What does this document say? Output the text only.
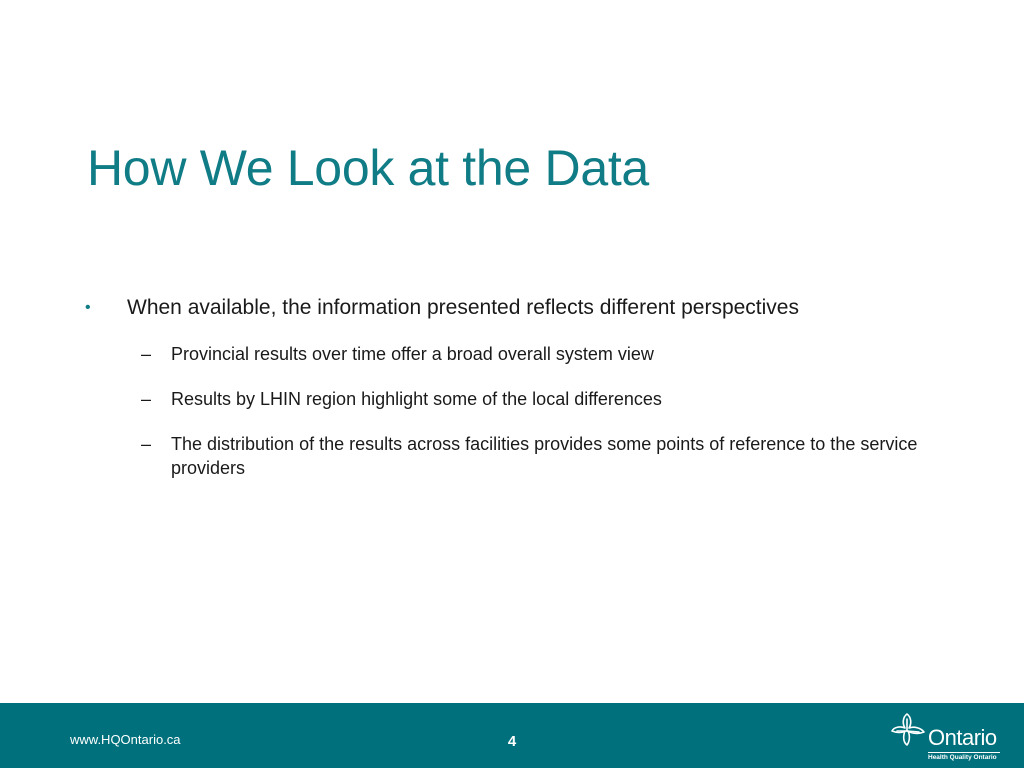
How We Look at the Data
• When available, the information presented reflects different perspectives
– Provincial results over time offer a broad overall system view
– Results by LHIN region highlight some of the local differences
– The distribution of the results across facilities provides some points of reference to the service providers
www.HQOntario.ca	4	Ontario
Health Quality Ontario
